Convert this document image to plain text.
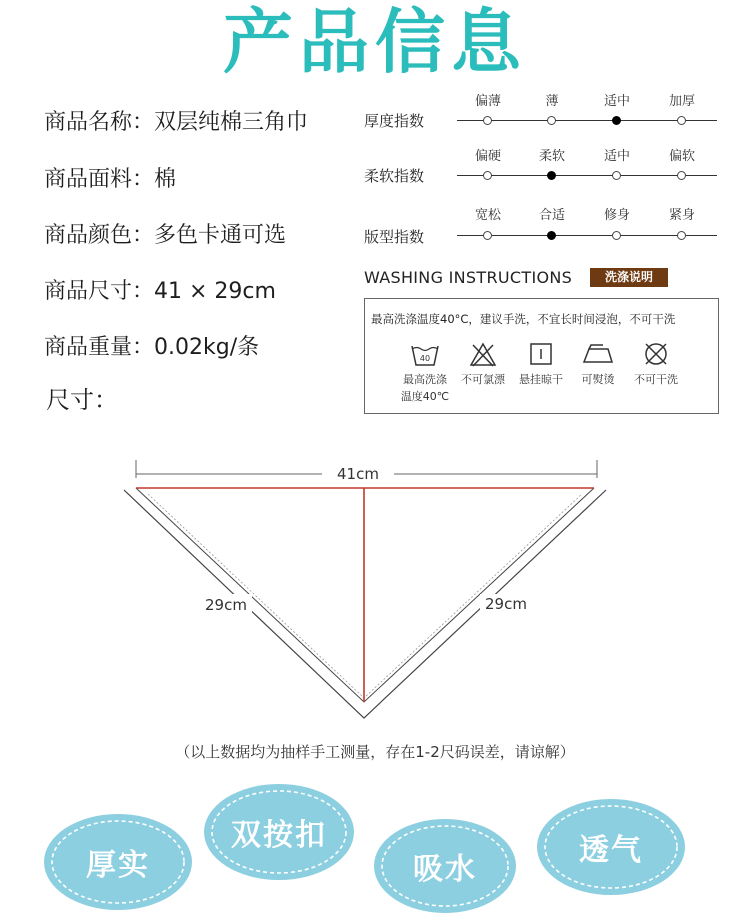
产品信息
商品名称：双层纯棉三角巾
商品面料：棉
商品颜色：多色卡通可选
商品尺寸：41 × 29cm
商品重量：0.02kg/条
尺寸：
厚度指数
偏薄	薄	适中	加厚
柔软指数
偏硬	柔软	适中	偏软
版型指数
宽松	合适	修身	紧身
WASHING INSTRUCTIONS	洗涤说明
最高洗涤温度40°C，建议手洗，不宜长时间浸泡，不可干洗
40
最高洗涤
温度40℃
不可氯漂	悬挂晾干	可熨烫	不可干洗
41cm
29cm	29cm
（以上数据均为抽样手工测量，存在1-2尺码误差，请谅解）
厚实
双按扣
吸水
透气
